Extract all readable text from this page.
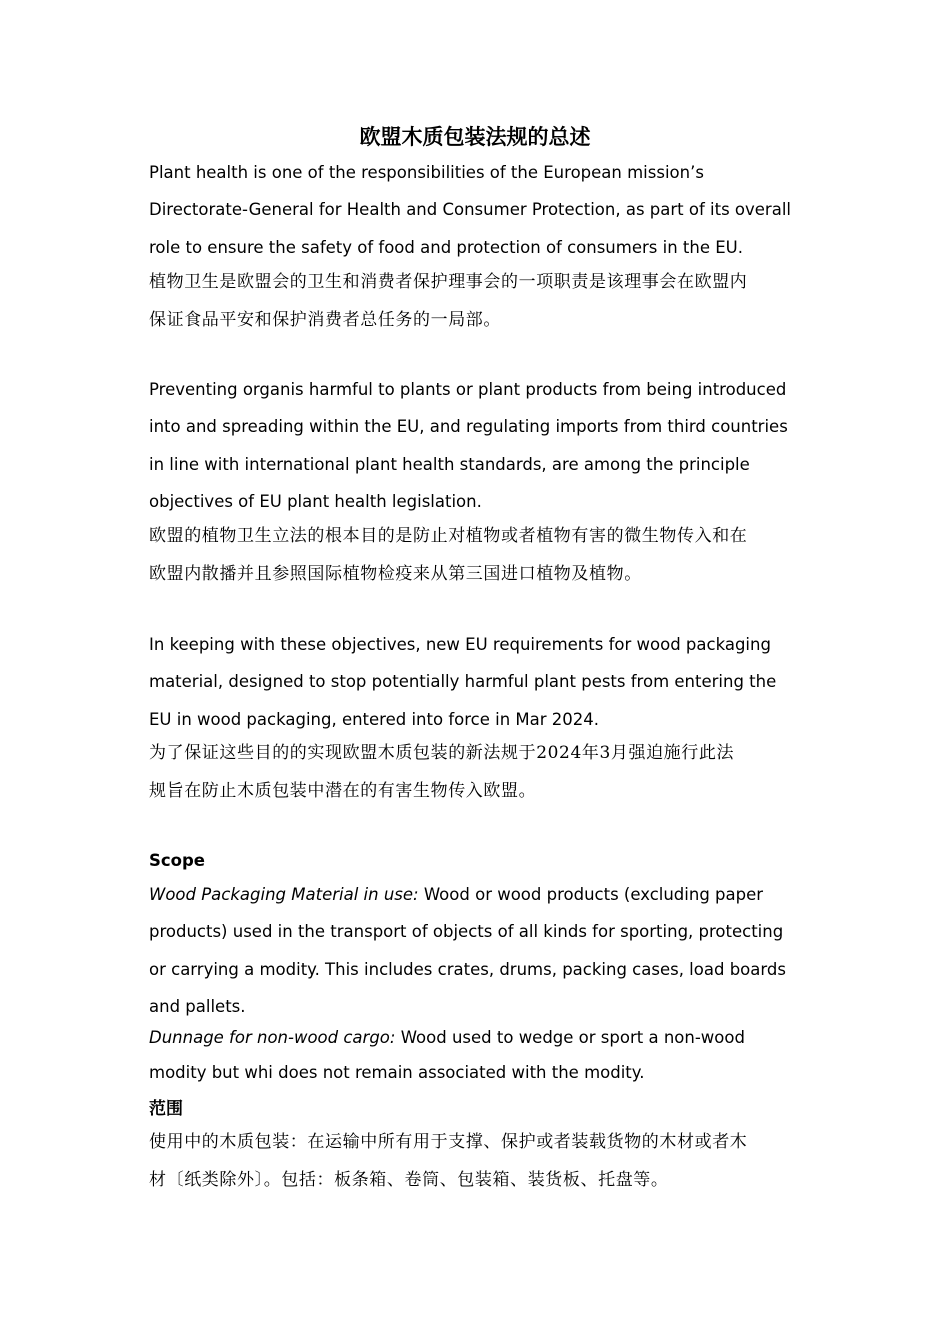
欧盟木质包装法规的总述
Plant health is one of the responsibilities of the European mission’s
Directorate-General for Health and Consumer Protection, as part of its overall
role to ensure the safety of food and protection of consumers in the EU.
植物卫生是欧盟会的卫生和消费者保护理事会的一项职责是该理事会在欧盟内
保证食品平安和保护消费者总任务的一局部。
Preventing organis harmful to plants or plant products from being introduced
into and spreading within the EU, and regulating imports from third countries
in line with international plant health standards, are among the principle
objectives of EU plant health legislation.
欧盟的植物卫生立法的根本目的是防止对植物或者植物有害的微生物传入和在
欧盟内散播并且参照国际植物检疫来从第三国进口植物及植物。
In keeping with these objectives, new EU requirements for wood packaging
material, designed to stop potentially harmful plant pests from entering the
EU in wood packaging, entered into force in Mar 2024.
为了保证这些目的的实现欧盟木质包装的新法规于2024年3月强迫施行此法
规旨在防止木质包装中潜在的有害生物传入欧盟。
Scope
Wood Packaging Material in use: Wood or wood products (excluding paper
products) used in the transport of objects of all kinds for sporting, protecting
or carrying a modity. This includes crates, drums, packing cases, load boards
and pallets.
Dunnage for non-wood cargo: Wood used to wedge or sport a non-wood
modity but whi does not remain associated with the modity.
范围
使用中的木质包装：在运输中所有用于支撑、保护或者装载货物的木材或者木
材〔纸类除外〕。包括：板条箱、卷筒、包装箱、装货板、托盘等。
